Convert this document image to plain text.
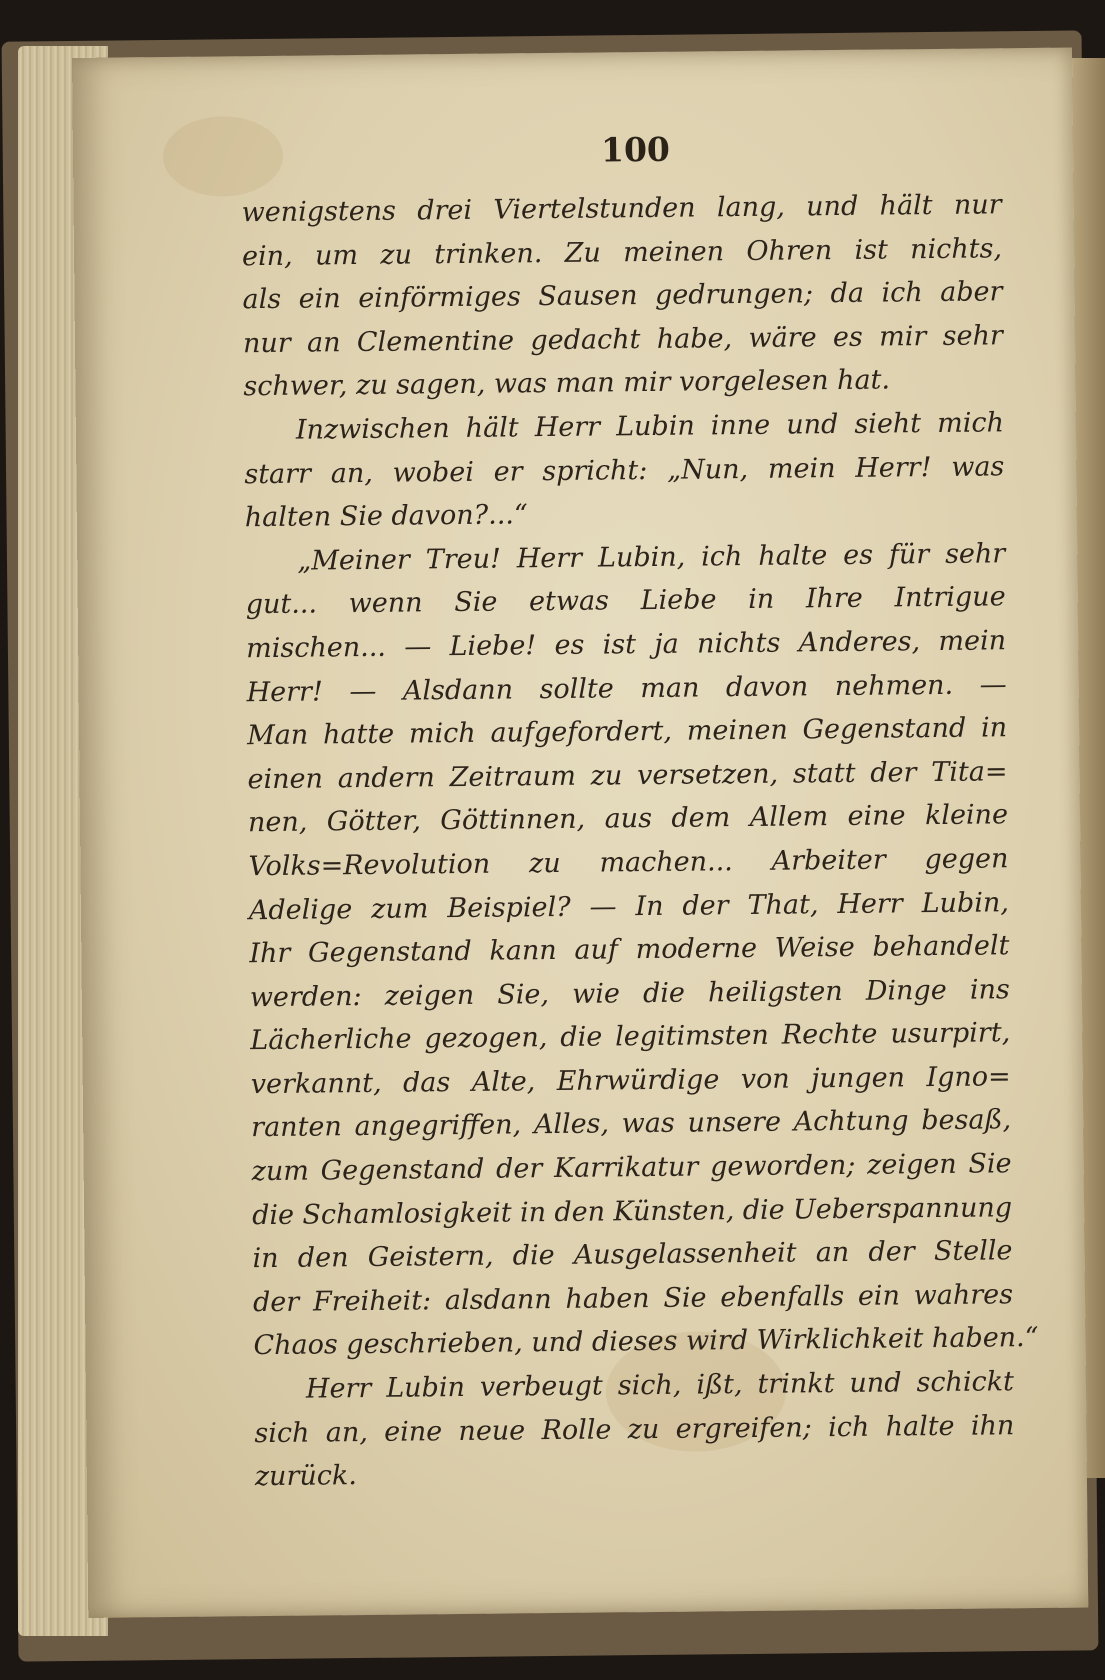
100
wenigstens drei Viertelstunden lang, und hält nur
ein, um zu trinken. Zu meinen Ohren ist nichts,
als ein einförmiges Sausen gedrungen; da ich aber
nur an Clementine gedacht habe, wäre es mir sehr
schwer, zu sagen, was man mir vorgelesen hat.
Inzwischen hält Herr Lubin inne und sieht mich
starr an, wobei er spricht: „Nun, mein Herr! was
halten Sie davon?...“
„Meiner Treu! Herr Lubin, ich halte es für sehr
gut... wenn Sie etwas Liebe in Ihre Intrigue
mischen... — Liebe! es ist ja nichts Anderes, mein
Herr! — Alsdann sollte man davon nehmen. —
Man hatte mich aufgefordert, meinen Gegenstand in
einen andern Zeitraum zu versetzen, statt der Tita=
nen, Götter, Göttinnen, aus dem Allem eine kleine
Volks=Revolution zu machen... Arbeiter gegen
Adelige zum Beispiel? — In der That, Herr Lubin,
Ihr Gegenstand kann auf moderne Weise behandelt
werden: zeigen Sie, wie die heiligsten Dinge ins
Lächerliche gezogen, die legitimsten Rechte usurpirt,
verkannt, das Alte, Ehrwürdige von jungen Igno=
ranten angegriffen, Alles, was unsere Achtung besaß,
zum Gegenstand der Karrikatur geworden; zeigen Sie
die Schamlosigkeit in den Künsten, die Ueberspannung
in den Geistern, die Ausgelassenheit an der Stelle
der Freiheit: alsdann haben Sie ebenfalls ein wahres
Chaos geschrieben, und dieses wird Wirklichkeit haben.“
Herr Lubin verbeugt sich, ißt, trinkt und schickt
sich an, eine neue Rolle zu ergreifen; ich halte ihn
zurück.
